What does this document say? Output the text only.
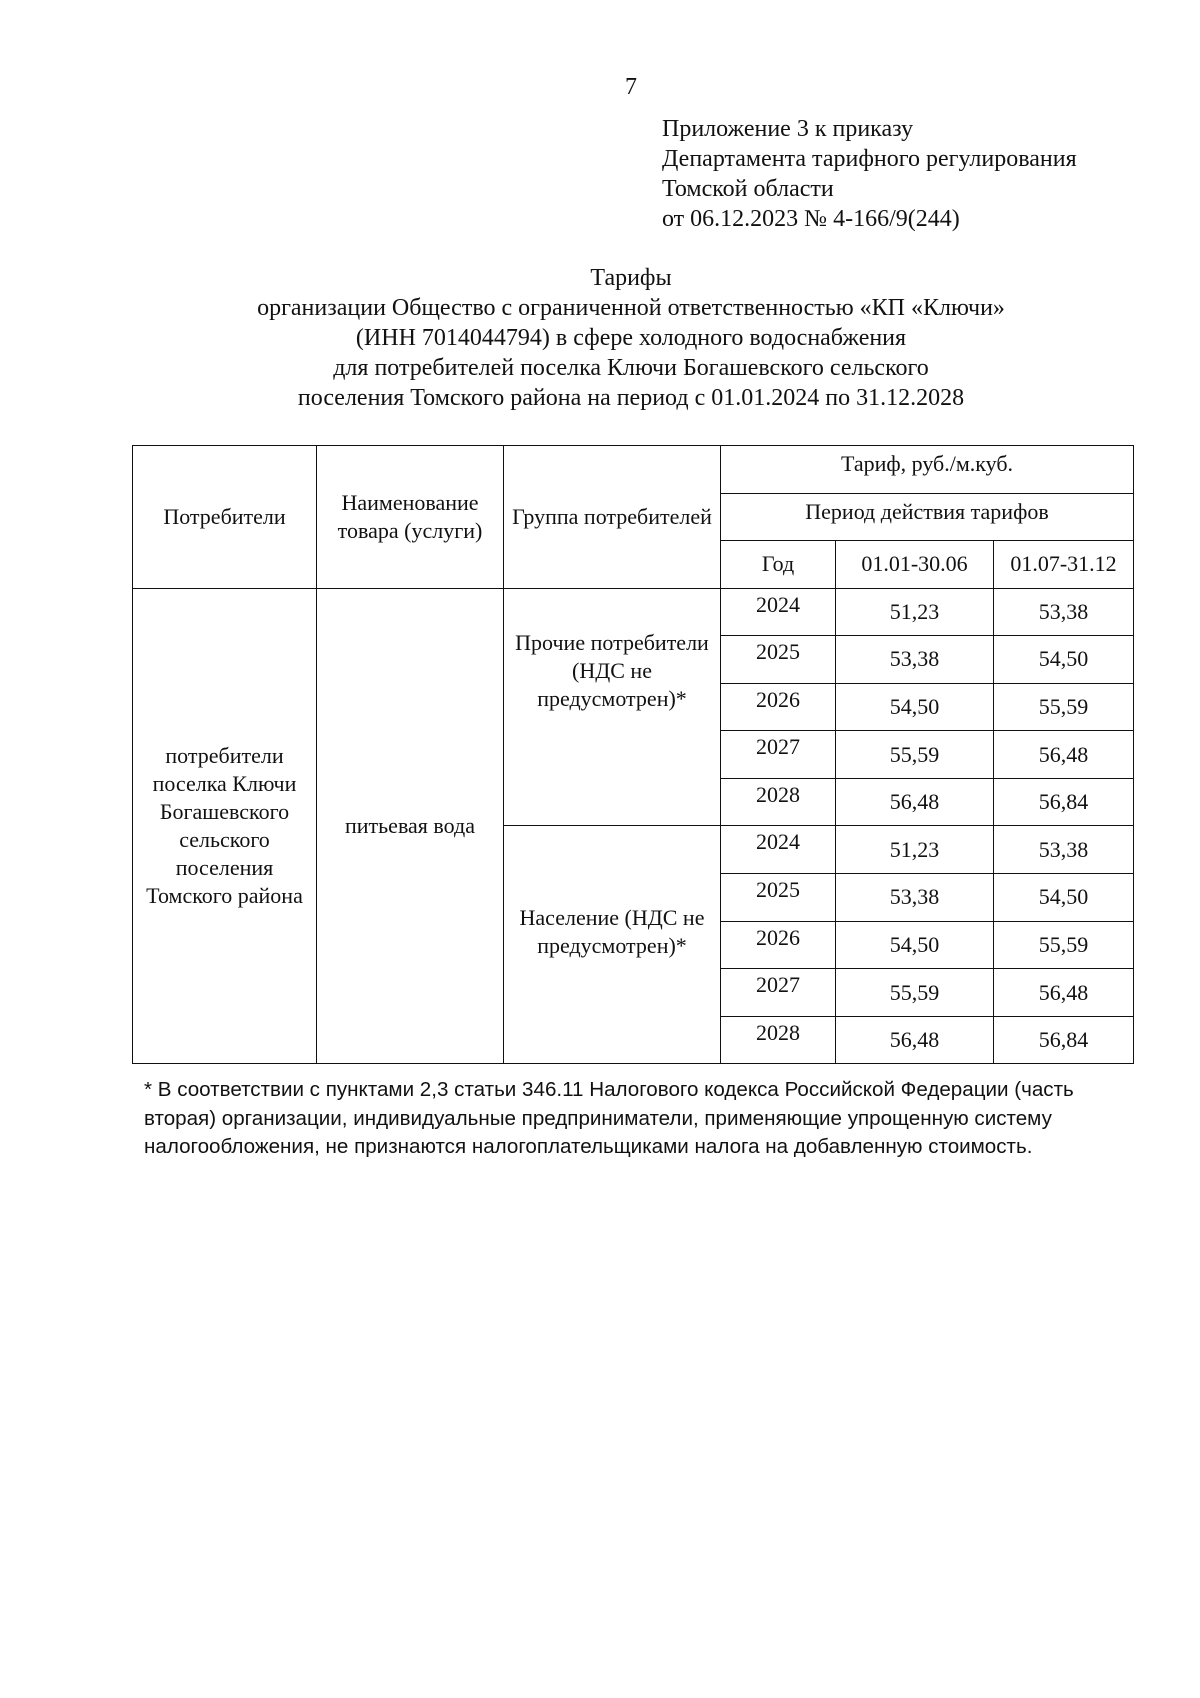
7
Приложение 3 к приказу
Департамента тарифного регулирования
Томской области
от 06.12.2023 № 4-166/9(244)
Тарифы
организации Общество с ограниченной ответственностью «КП «Ключи»
(ИНН 7014044794) в сфере холодного водоснабжения
для потребителей поселка Ключи Богашевского сельского
поселения Томского района на период с 01.01.2024 по 31.12.2028
Потребители	Наименование товара (услуги)	Группа потребителей	Тариф, руб./м.куб.		
			Период действия тарифов		
			Год	01.01-30.06	01.07-31.12
потребители поселка Ключи Богашевского сельского поселения Томского района	питьевая вода	Прочие потребители (НДС не предусмотрен)*	2024	51,23	53,38
			2025	53,38	54,50
			2026	54,50	55,59
			2027	55,59	56,48
			2028	56,48	56,84
		Население (НДС не предусмотрен)*	2024	51,23	53,38
			2025	53,38	54,50
			2026	54,50	55,59
			2027	55,59	56,48
			2028	56,48	56,84
* В соответствии с пунктами 2,3 статьи 346.11 Налогового кодекса Российской Федерации (часть вторая) организации, индивидуальные предприниматели, применяющие упрощенную систему налогообложения, не признаются налогоплательщиками налога на добавленную стоимость.
